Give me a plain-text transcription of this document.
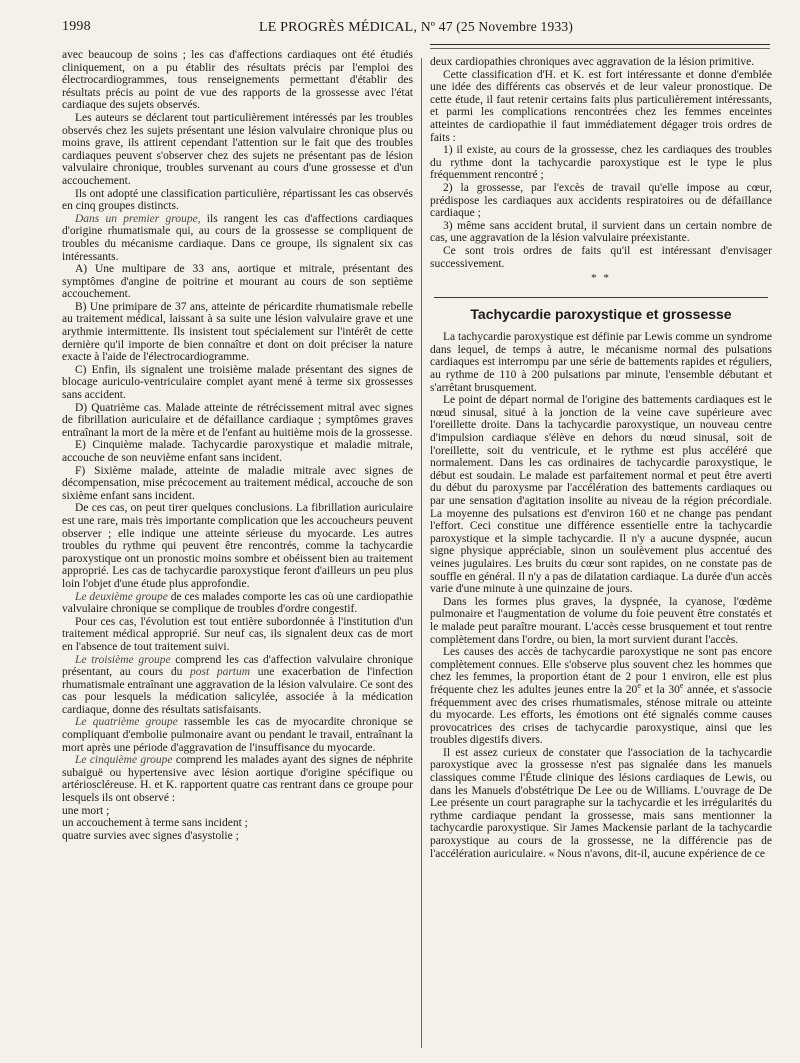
1998	LE PROGRÈS MÉDICAL, Nº 47 (25 Novembre 1933)

avec beaucoup de soins ; les cas d'affections cardiaques ont été étudiés cliniquement, on a pu établir des résultats précis par l'emploi des électrocardiogrammes, tous renseignements permettant d'établir des résultats précis au point de vue des rapports de la grossesse avec l'état cardiaque des sujets observés.

Les auteurs se déclarent tout particulièrement intéressés par les troubles observés chez les sujets présentant une lésion valvulaire chronique plus ou moins grave, ils attirent cependant l'attention sur le fait que des troubles cardiaques peuvent s'observer chez des sujets ne présentant pas de lésion valvulaire chronique, troubles survenant au cours d'une grossesse et d'un accouchement.

Ils ont adopté une classification particulière, répartissant les cas observés en cinq groupes distincts.

Dans un premier groupe, ils rangent les cas d'affections cardiaques d'origine rhumatismale qui, au cours de la grossesse se compliquent de troubles du mécanisme cardiaque. Dans ce groupe, ils signalent six cas intéressants.

A) Une multipare de 33 ans, aortique et mitrale, présentant des symptômes d'angine de poitrine et mourant au cours de son septième accouchement.

B) Une primipare de 37 ans, atteinte de péricardite rhumatismale rebelle au traitement médical, laissant à sa suite une lésion valvulaire grave et une arythmie intermittente. Ils insistent tout spécialement sur l'intérêt de cette dernière qu'il importe de bien connaître et dont on doit préciser la nature exacte à l'aide de l'électrocardiogramme.

C) Enfin, ils signalent une troisième malade présentant des signes de blocage auriculo-ventriculaire complet ayant mené à terme six grossesses sans accident.

D) Quatrième cas. Malade atteinte de rétrécissement mitral avec signes de fibrillation auriculaire et de défaillance cardiaque ; symptômes graves entraînant la mort de la mère et de l'enfant au huitième mois de la grossesse.

E) Cinquième malade. Tachycardie paroxystique et maladie mitrale, accouche de son neuvième enfant sans incident.

F) Sixième malade, atteinte de maladie mitrale avec signes de décompensation, mise précocement au traitement médical, accouche de son sixième enfant sans incident.

De ces cas, on peut tirer quelques conclusions. La fibrillation auriculaire est une rare, mais très importante complication que les accoucheurs peuvent observer ; elle indique une atteinte sérieuse du myocarde. Les autres troubles du rythme qui peuvent être rencontrés, comme la tachycardie paroxystique ont un pronostic moins sombre et obéissent bien au traitement approprié. Les cas de tachycardie paroxystique feront d'ailleurs un peu plus loin l'objet d'une étude plus approfondie.

Le deuxième groupe de ces malades comporte les cas où une cardiopathie valvulaire chronique se complique de troubles d'ordre congestif.

Pour ces cas, l'évolution est tout entière subordonnée à l'institution d'un traitement médical approprié. Sur neuf cas, ils signalent deux cas de mort en l'absence de tout traitement suivi.

Le troisième groupe comprend les cas d'affection valvulaire chronique présentant, au cours du post partum une exacerbation de l'infection rhumatismale entraînant une aggravation de la lésion valvulaire. Ce sont des cas pour lesquels la médication salicylée, associée à la médication cardiaque, donne des résultats satisfaisants.

Le quatrième groupe rassemble les cas de myocardite chronique se compliquant d'embolie pulmonaire avant ou pendant le travail, entraînant la mort après une période d'aggravation de l'insuffisance du myocarde.

Le cinquième groupe comprend les malades ayant des signes de néphrite subaiguë ou hypertensive avec lésion aortique d'origine spécifique ou artérioscléreuse. H. et K. rapportent quatre cas rentrant dans ce groupe pour lesquels ils ont observé :

une mort ;

un accouchement à terme sans incident ;

quatre survies avec signes d'asystolie ;

deux cardiopathies chroniques avec aggravation de la lésion primitive.

Cette classification d'H. et K. est fort intéressante et donne d'emblée une idée des différents cas observés et de leur valeur pronostique. De cette étude, il faut retenir certains faits plus particulièrement intéressants, et parmi les complications rencontrées chez les femmes enceintes atteintes de cardiopathie il faut immédiatement dégager trois ordres de faits :

1) il existe, au cours de la grossesse, chez les cardiaques des troubles du rythme dont la tachycardie paroxystique est le type le plus fréquemment rencontré ;

2) la grossesse, par l'excès de travail qu'elle impose au cœur, prédispose les cardiaques aux accidents respiratoires ou de défaillance cardiaque ;

3) même sans accident brutal, il survient dans un certain nombre de cas, une aggravation de la lésion valvulaire préexistante.

Ce sont trois ordres de faits qu'il est intéressant d'envisager successivement.

* *
Tachycardie paroxystique et grossesse

La tachycardie paroxystique est définie par Lewis comme un syndrome dans lequel, de temps à autre, le mécanisme normal des pulsations cardiaques est interrompu par une série de battements rapides et réguliers, au rythme de 110 à 200 pulsations par minute, l'ensemble débutant et s'arrêtant brusquement.

Le point de départ normal de l'origine des battements cardiaques est le nœud sinusal, situé à la jonction de la veine cave supérieure avec l'oreillette droite. Dans la tachycardie paroxystique, un nouveau centre d'impulsion cardiaque s'élève en dehors du nœud sinusal, soit de l'oreillette, soit du ventricule, et le rythme est plus accéléré que normalement. Dans les cas ordinaires de tachycardie paroxystique, le début est soudain. Le malade est parfaitement normal et peut être averti du début du paroxysme par l'accélération des battements cardiaques ou par une sensation d'agitation insolite au niveau de la région précordiale. La moyenne des pulsations est d'environ 160 et ne change pas pendant l'effort. Ceci constitue une différence essentielle entre la tachycardie paroxystique et la simple tachycardie. Il n'y a aucune dyspnée, aucun signe physique appréciable, sinon un soulèvement plus accentué des veines jugulaires. Les bruits du cœur sont rapides, on ne constate pas de souffle en général. Il n'y a pas de dilatation cardiaque. La durée d'un accès varie d'une minute à une quinzaine de jours.

Dans les formes plus graves, la dyspnée, la cyanose, l'œdème pulmonaire et l'augmentation de volume du foie peuvent être constatés et le malade peut paraître mourant. L'accès cesse brusquement et tout rentre complètement dans l'ordre, ou bien, la mort survient durant l'accès.

Les causes des accès de tachycardie paroxystique ne sont pas encore complètement connues. Elle s'observe plus souvent chez les hommes que chez les femmes, la proportion étant de 2 pour 1 environ, elle est plus fréquente chez les adultes jeunes entre la 20e et la 30e année, et s'associe fréquemment avec des crises rhumatismales, sténose mitrale ou atteinte du myocarde. Les efforts, les émotions ont été signalés comme causes provocatrices des crises de tachycardie paroxystique, ainsi que les troubles digestifs divers.

Il est assez curieux de constater que l'association de la tachycardie paroxystique avec la grossesse n'est pas signalée dans les manuels classiques comme l'Étude clinique des lésions cardiaques de Lewis, ou dans les Manuels d'obstétrique De Lee ou de Williams. L'ouvrage de De Lee présente un court paragraphe sur la tachycardie et les irrégularités du rythme cardiaque pendant la grossesse, mais sans mentionner la tachycardie paroxystique. Sir James Mackensie parlant de la tachycardie paroxystique au cours de la grossesse, ne la différencie pas de l'accélération auriculaire. « Nous n'avons, dit-il, aucune expérience de ce
